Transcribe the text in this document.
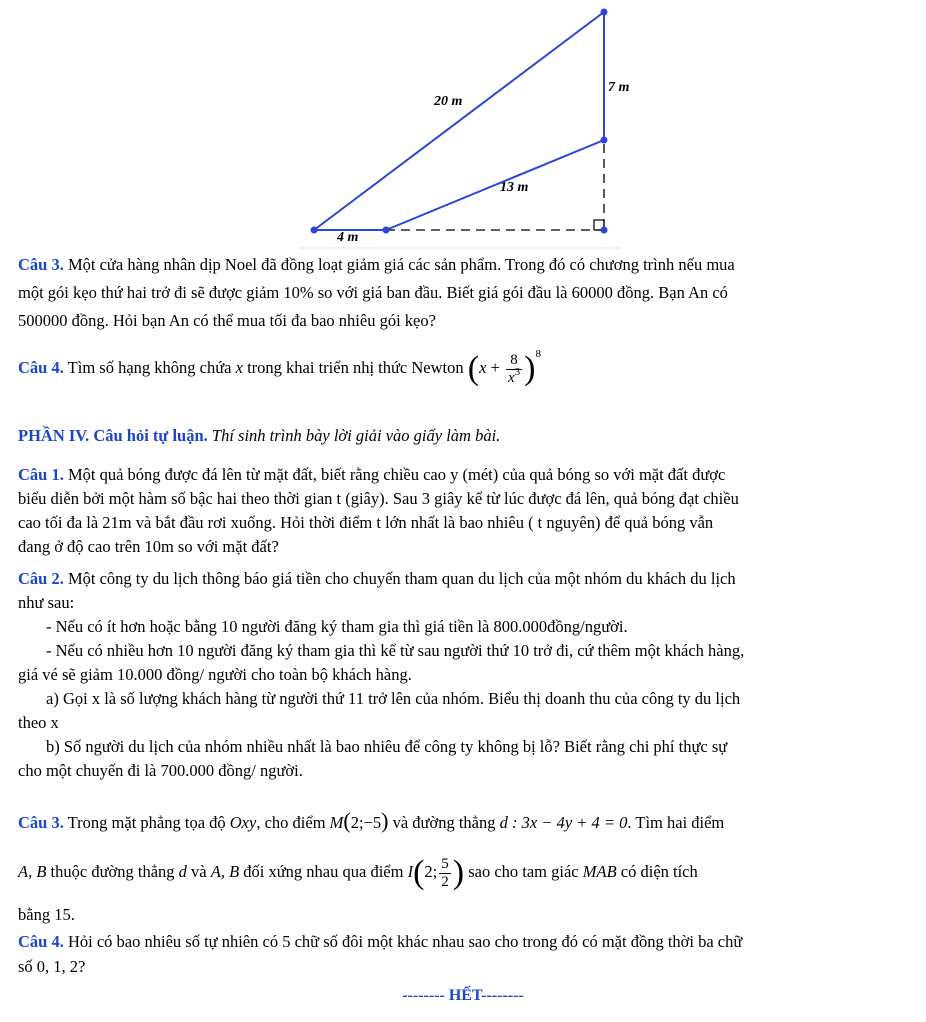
20 m
7 m
13 m
4 m
Câu 3. Một cửa hàng nhân dịp Noel đã đồng loạt giảm giá các sản phẩm. Trong đó có chương trình nếu mua
một gói kẹo thứ hai trở đi sẽ được giảm 10% so với giá ban đầu. Biết giá gói đầu là 60000 đồng. Bạn An có
500000 đồng. Hỏi bạn An có thể mua tối đa bao nhiêu gói kẹo?
Câu 4. Tìm số hạng không chứa x trong khai triển nhị thức Newton $(x + \frac{8}{x^3} )^8$
PHẦN IV. Câu hỏi tự luận. Thí sinh trình bày lời giải vào giấy làm bài.
Câu 1. Một quả bóng được đá lên từ mặt đất, biết rằng chiều cao y (mét) của quả bóng so với mặt đất được
biểu diễn bởi một hàm số bậc hai theo thời gian t (giây). Sau 3 giây kể từ lúc được đá lên, quả bóng đạt chiều
cao tối đa là 21m và bắt đầu rơi xuống. Hỏi thời điểm t lớn nhất là bao nhiêu ( t nguyên) để quả bóng vẫn
đang ở độ cao trên 10m so với mặt đất?
Câu 2. Một công ty du lịch thông báo giá tiền cho chuyến tham quan du lịch của một nhóm du khách du lịch
như sau:
- Nếu có ít hơn hoặc bằng 10 người đăng ký tham gia thì giá tiền là 800.000đồng/người.
- Nếu có nhiều hơn 10 người đăng ký tham gia thì kể từ sau người thứ 10 trở đi, cứ thêm một khách hàng,
giá vé sẽ giảm 10.000 đồng/ người cho toàn bộ khách hàng.
a) Gọi x là số lượng khách hàng từ người thứ 11 trở lên của nhóm. Biểu thị doanh thu của công ty du lịch
theo x
b) Số người du lịch của nhóm nhiều nhất là bao nhiêu để công ty không bị lỗ? Biết rằng chi phí thực sự
cho một chuyến đi là 700.000 đồng/ người.
Câu 3. Trong mặt phẳng tọa độ Oxy, cho điểm M(2;−5) và đường thẳng d : 3x − 4y + 4 = 0. Tìm hai điểm
A, B thuộc đường thẳng d và A, B đối xứng nhau qua điểm I(2; $\frac{5}{2}$ ) sao cho tam giác MAB có diện tích
bằng 15.
Câu 4. Hỏi có bao nhiêu số tự nhiên có 5 chữ số đôi một khác nhau sao cho trong đó có mặt đồng thời ba chữ
số 0, 1, 2?
-------- HẾT--------
